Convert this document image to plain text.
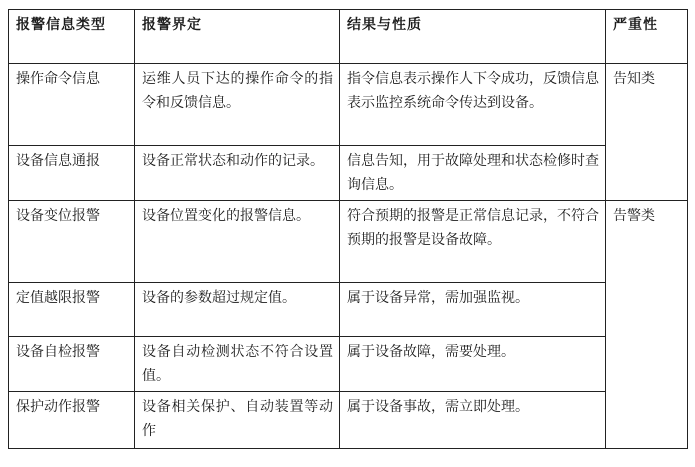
报警信息类型	报警界定	结果与性质	严重性
操作命令信息	运维人员下达的操作命令的指令和反馈信息。	指令信息表示操作人下令成功，反馈信息表示监控系统命令传达到设备。	告知类
设备信息通报	设备正常状态和动作的记录。	信息告知，用于故障处理和状态检修时查询信息。	
设备变位报警	设备位置变化的报警信息。	符合预期的报警是正常信息记录，不符合预期的报警是设备故障。	告警类
定值越限报警	设备的参数超过规定值。	属于设备异常，需加强监视。	
设备自检报警	设备自动检测状态不符合设置值。	属于设备故障，需要处理。	
保护动作报警	设备相关保护、自动装置等动作	属于设备事故，需立即处理。	
